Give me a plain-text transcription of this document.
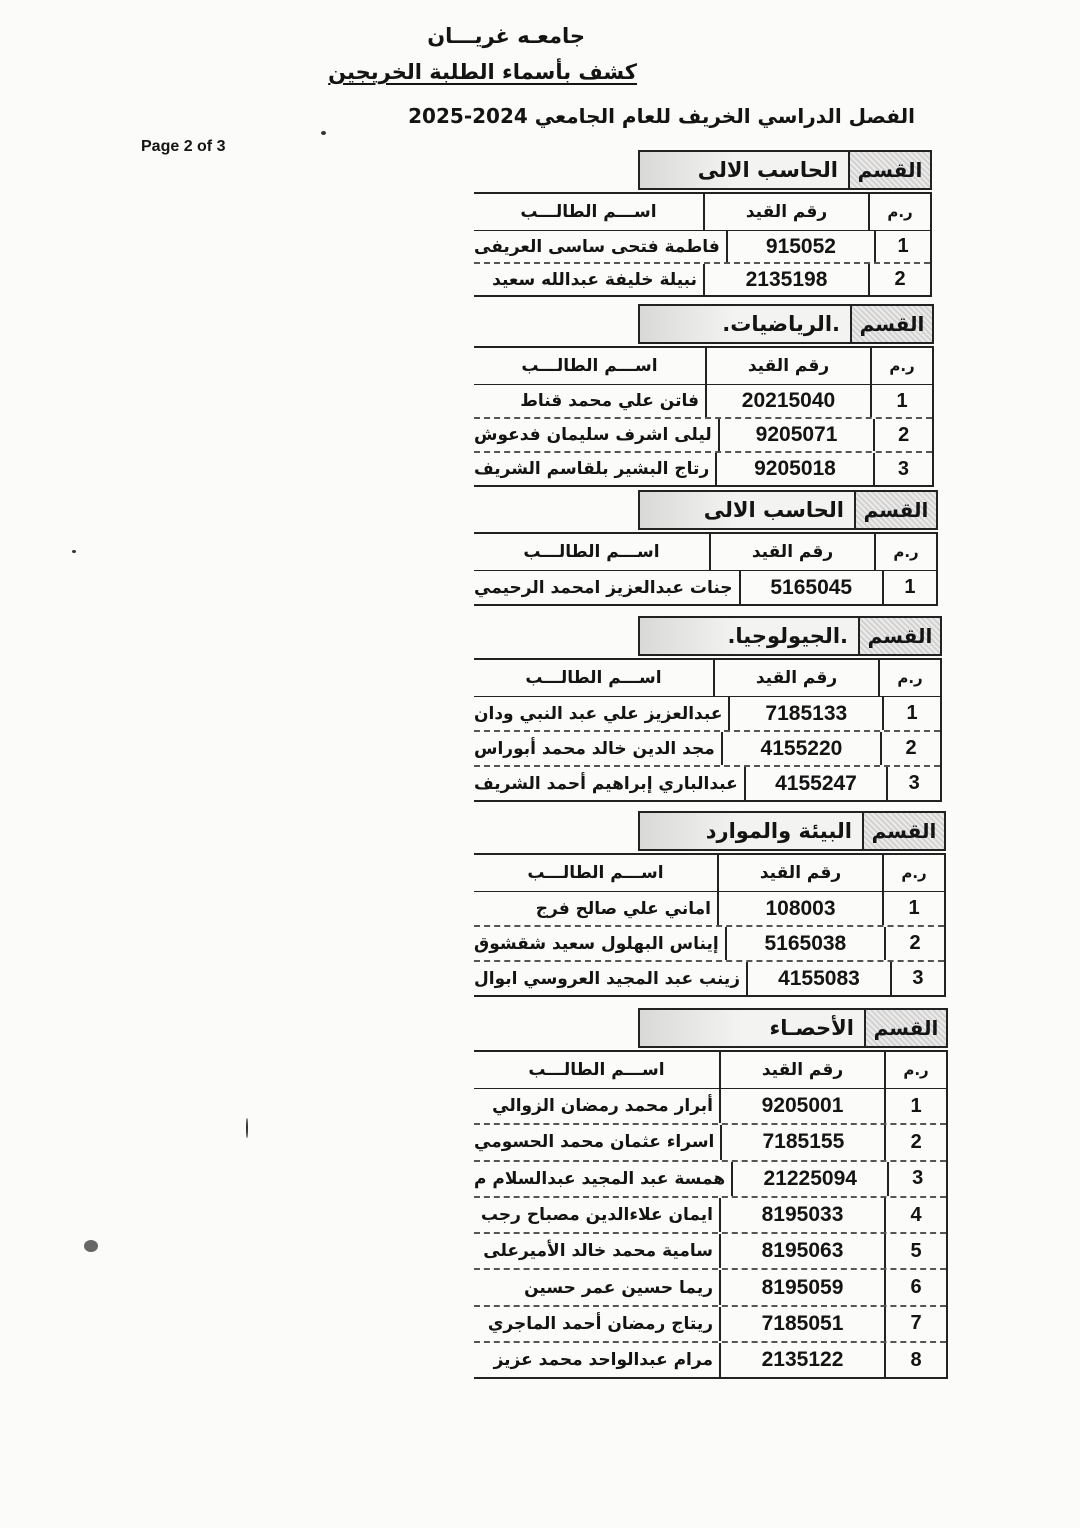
جامعـه غريـــان
كشف بأسماء الطلبة الخريجين
الفصل الدراسي الخريف للعام الجامعي 2024-2025
Page 2 of 3
القسم
الحاسب الالى
ر.م
رقم القيد
اســـم الطالـــب
1
915052
فاطمة فتحى ساسى العريفى
2
2135198
نبيلة خليفة عبدالله سعيد
القسم
.الرياضيات.
ر.م
رقم القيد
اســـم الطالـــب
1
20215040
فاتن علي محمد قناط
2
9205071
ليلى اشرف سليمان فدعوش
3
9205018
رتاج البشير بلقاسم الشريف
القسم
الحاسب الالى
ر.م
رقم القيد
اســـم الطالـــب
1
5165045
جنات عبدالعزيز امحمد الرحيمي
القسم
.الجيولوجيا.
ر.م
رقم القيد
اســـم الطالـــب
1
7185133
عبدالعزيز علي عبد النبي ودان
2
4155220
مجد الدين خالد محمد أبوراس
3
4155247
عبدالباري إبراهيم أحمد الشريف
القسم
البيئة والموارد
ر.م
رقم القيد
اســـم الطالـــب
1
108003
اماني علي صالح فرج
2
5165038
إيناس البهلول سعيد شقشوق
3
4155083
زينب عبد المجيد العروسي ابوال
القسم
الأحصـاء
ر.م
رقم القيد
اســـم الطالـــب
1
9205001
أبرار محمد رمضان الزوالي
2
7185155
اسراء عثمان محمد الحسومي
3
21225094
همسة عبد المجيد عبدالسلام م
4
8195033
ايمان علاءالدين مصباح رجب
5
8195063
سامية محمد خالد الأميرعلى
6
8195059
ريما حسين عمر حسين
7
7185051
ريتاج رمضان أحمد الماجري
8
2135122
مرام عبدالواحد محمد عزيز
